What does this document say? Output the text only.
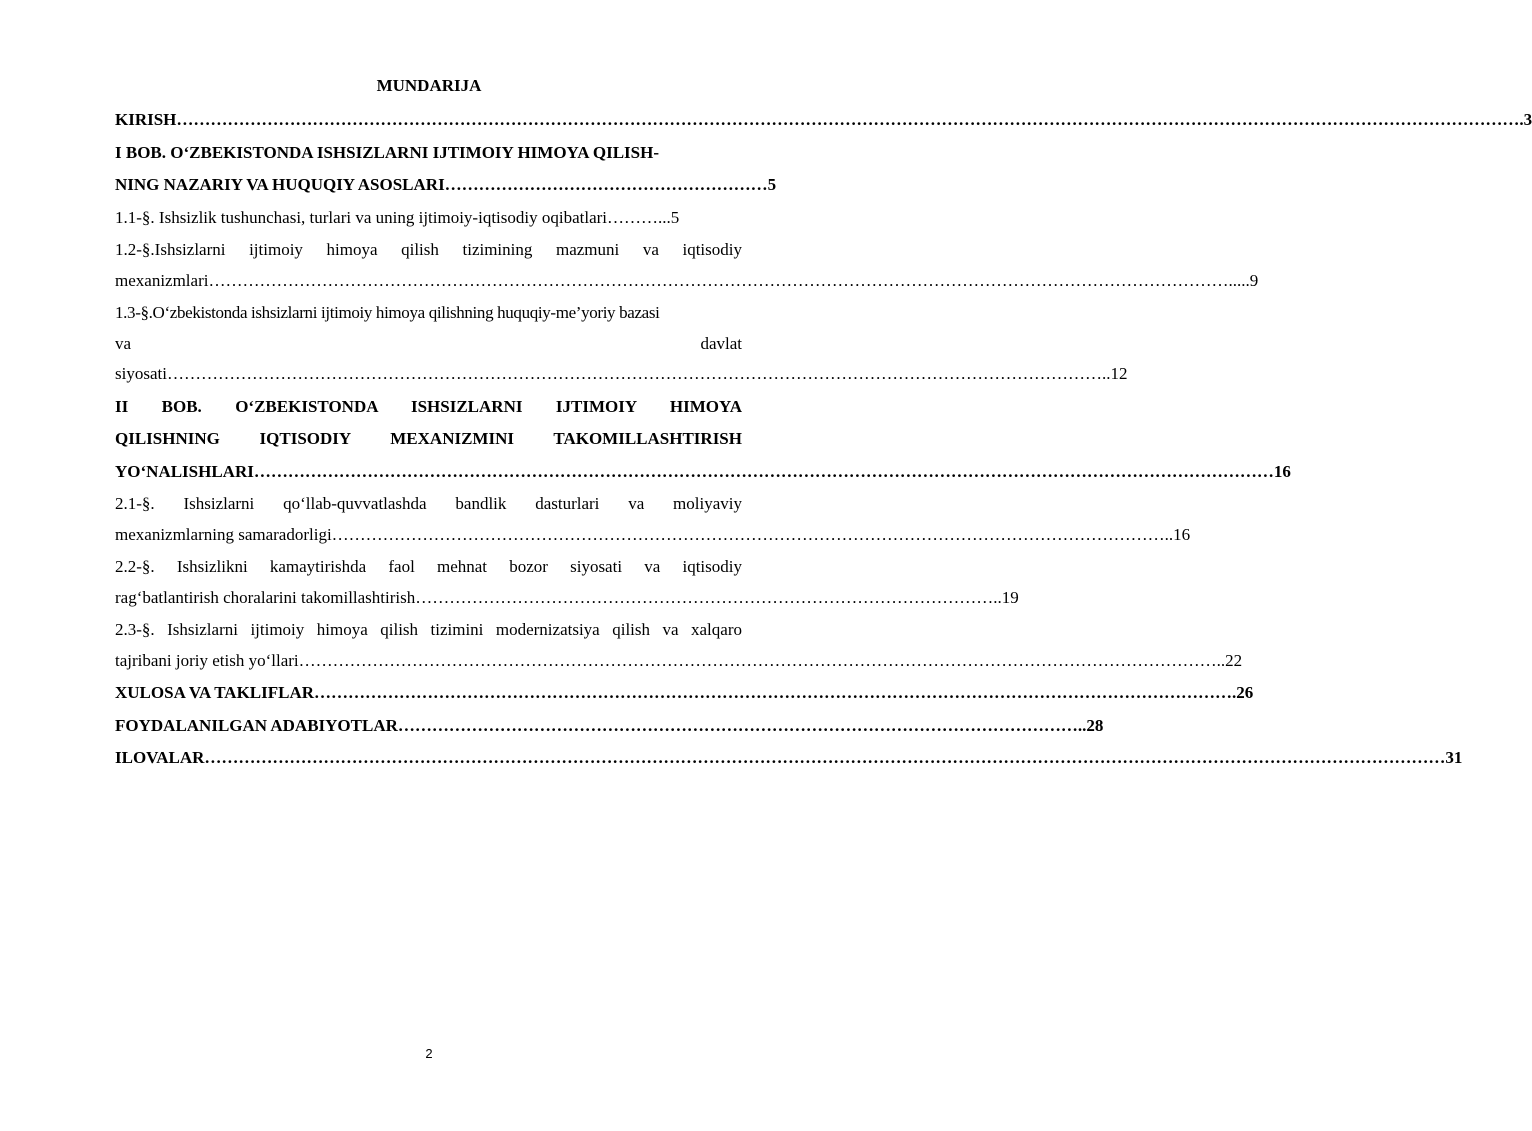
MUNDARIJA

KIRISH………………………………………………………………………………………………………………………………………………………………………………………………………………….3

I BOB. O‘ZBEKISTONDA ISHSIZLARNI IJTIMOIY HIMOYA QILISH-

NING NAZARIY VA HUQUQIY ASOSLARI…………………………………………………5

1.1-§. Ishsizlik tushunchasi, turlari va uning ijtimoiy-iqtisodiy oqibatlari………...5

1.2-§.Ishsizlarni ijtimoiy himoya qilish tizimining mazmuni va iqtisodiy

mexanizmlari……………………………………………………………………………………………………………………………………………………………….....9

1.3-§.O‘zbekistonda ishsizlarni ijtimoiy himoya qilishning huquqiy-me’yoriy bazasi

va davlat

siyosati…………………………………………………………………………………………………………………………………………………..12

II BOB. O‘ZBEKISTONDA ISHSIZLARNI IJTIMOIY HIMOYA

QILISHNING IQTISODIY MEXANIZMINI TAKOMILLASHTIRISH

YO‘NALISHLARI………………………………………………………………………………………………………………………………………………………………16

2.1-§. Ishsizlarni qo‘llab-quvvatlashda bandlik dasturlari va moliyaviy

mexanizmlarning samaradorligi…………………………………………………………………………………………………………………………………..16

2.2-§. Ishsizlikni kamaytirishda faol mehnat bozor siyosati va iqtisodiy

rag‘batlantirish choralarini takomillashtirish…………………………………………………………………………………………..19

2.3-§. Ishsizlarni ijtimoiy himoya qilish tizimini modernizatsiya qilish va xalqaro

tajribani joriy etish yo‘llari………………………………………………………………………………………………………………………………………………..22

XULOSA VA TAKLIFLAR……………………………………………………………………………………………………………………………………………….26

FOYDALANILGAN ADABIYOTLAR…………………………………………………………………………………………………………..28

ILOVALAR…………………………………………………………………………………………………………………………………………………………………………………………………31

2
